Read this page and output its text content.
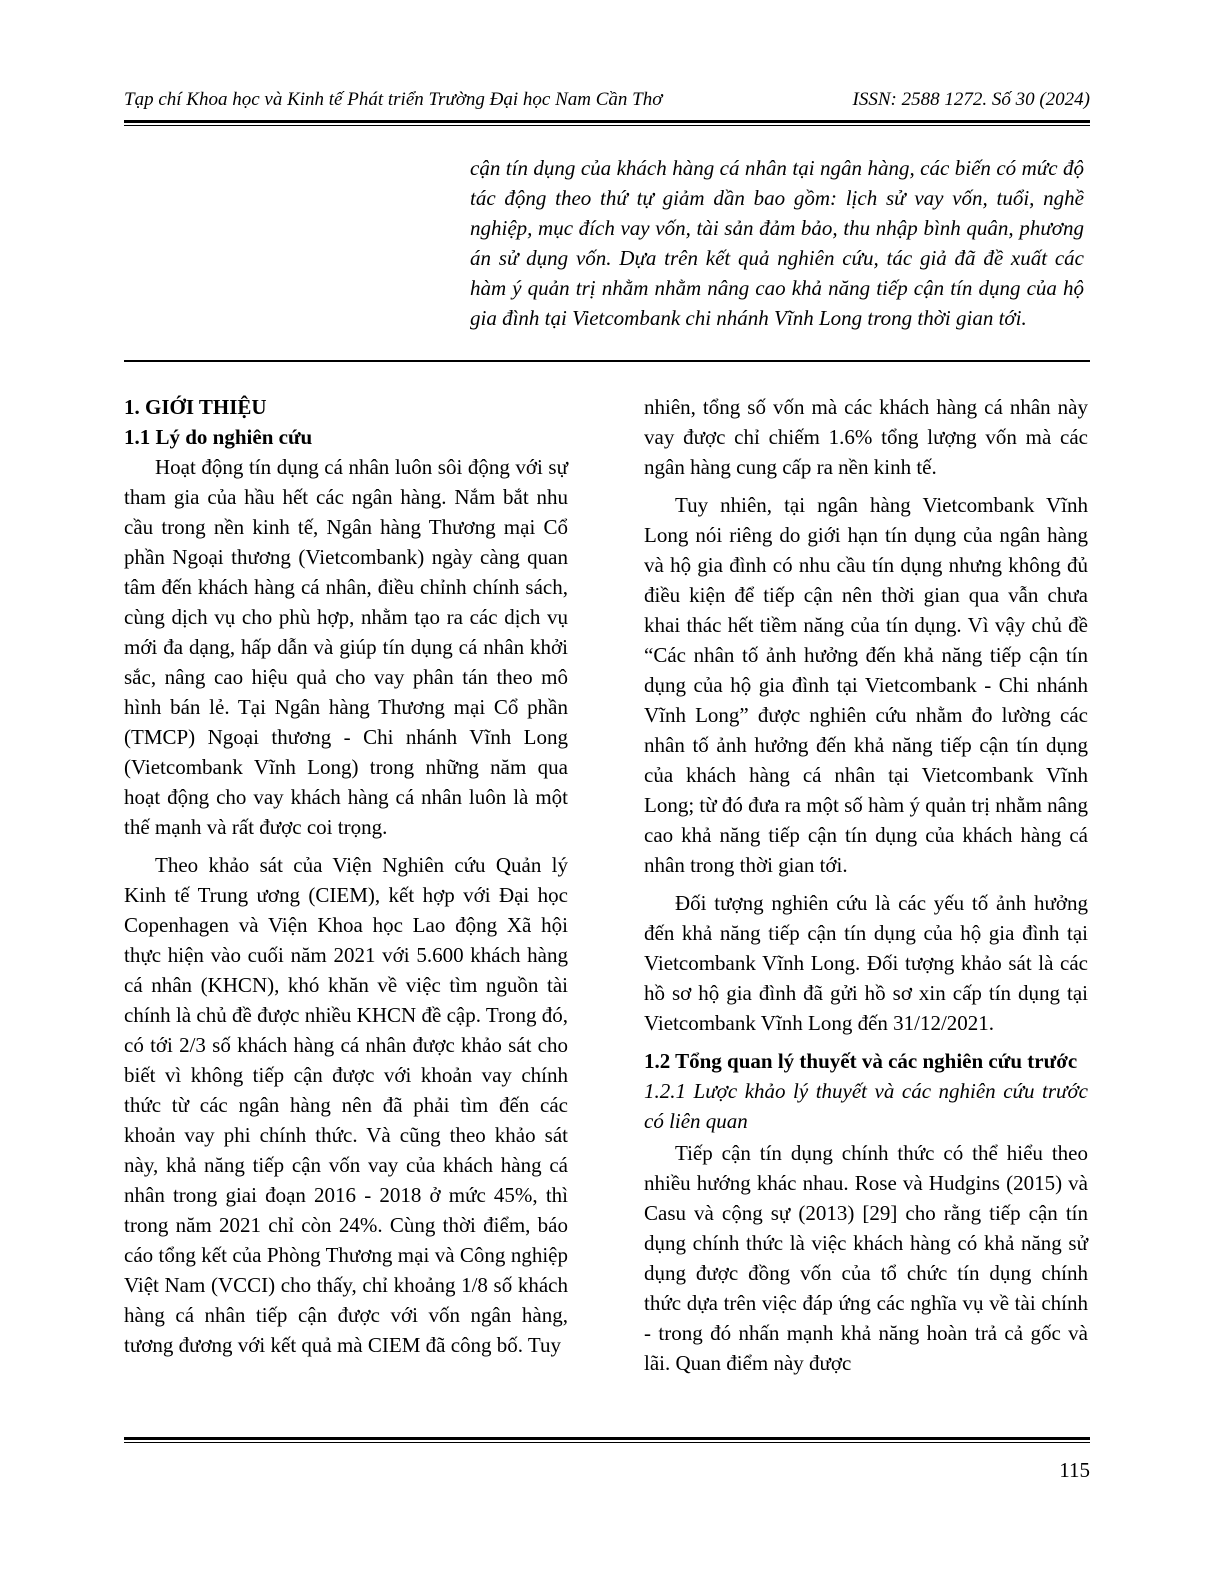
Tạp chí Khoa học và Kinh tế Phát triển Trường Đại học Nam Cần Thơ	ISSN: 2588 1272. Số 30 (2024)

cận tín dụng của khách hàng cá nhân tại ngân hàng, các biến có mức độ tác động theo thứ tự giảm dần bao gồm: lịch sử vay vốn, tuổi, nghề nghiệp, mục đích vay vốn, tài sản đảm bảo, thu nhập bình quân, phương án sử dụng vốn. Dựa trên kết quả nghiên cứu, tác giả đã đề xuất các hàm ý quản trị nhằm nhằm nâng cao khả năng tiếp cận tín dụng của hộ gia đình tại Vietcombank chi nhánh Vĩnh Long trong thời gian tới.

1. GIỚI THIỆU
1.1 Lý do nghiên cứu

Hoạt động tín dụng cá nhân luôn sôi động với sự tham gia của hầu hết các ngân hàng. Nắm bắt nhu cầu trong nền kinh tế, Ngân hàng Thương mại Cổ phần Ngoại thương (Vietcombank) ngày càng quan tâm đến khách hàng cá nhân, điều chỉnh chính sách, cùng dịch vụ cho phù hợp, nhằm tạo ra các dịch vụ mới đa dạng, hấp dẫn và giúp tín dụng cá nhân khởi sắc, nâng cao hiệu quả cho vay phân tán theo mô hình bán lẻ. Tại Ngân hàng Thương mại Cổ phần (TMCP) Ngoại thương - Chi nhánh Vĩnh Long (Vietcombank Vĩnh Long) trong những năm qua hoạt động cho vay khách hàng cá nhân luôn là một thế mạnh và rất được coi trọng.

Theo khảo sát của Viện Nghiên cứu Quản lý Kinh tế Trung ương (CIEM), kết hợp với Đại học Copenhagen và Viện Khoa học Lao động Xã hội thực hiện vào cuối năm 2021 với 5.600 khách hàng cá nhân (KHCN), khó khăn về việc tìm nguồn tài chính là chủ đề được nhiều KHCN đề cập. Trong đó, có tới 2/3 số khách hàng cá nhân được khảo sát cho biết vì không tiếp cận được với khoản vay chính thức từ các ngân hàng nên đã phải tìm đến các khoản vay phi chính thức. Và cũng theo khảo sát này, khả năng tiếp cận vốn vay của khách hàng cá nhân trong giai đoạn 2016 - 2018 ở mức 45%, thì trong năm 2021 chỉ còn 24%. Cùng thời điểm, báo cáo tổng kết của Phòng Thương mại và Công nghiệp Việt Nam (VCCI) cho thấy, chỉ khoảng 1/8 số khách hàng cá nhân tiếp cận được với vốn ngân hàng, tương đương với kết quả mà CIEM đã công bố. Tuy

nhiên, tổng số vốn mà các khách hàng cá nhân này vay được chỉ chiếm 1.6% tổng lượng vốn mà các ngân hàng cung cấp ra nền kinh tế.

Tuy nhiên, tại ngân hàng Vietcombank Vĩnh Long nói riêng do giới hạn tín dụng của ngân hàng và hộ gia đình có nhu cầu tín dụng nhưng không đủ điều kiện để tiếp cận nên thời gian qua vẫn chưa khai thác hết tiềm năng của tín dụng. Vì vậy chủ đề “Các nhân tố ảnh hưởng đến khả năng tiếp cận tín dụng của hộ gia đình tại Vietcombank - Chi nhánh Vĩnh Long” được nghiên cứu nhằm đo lường các nhân tố ảnh hưởng đến khả năng tiếp cận tín dụng của khách hàng cá nhân tại Vietcombank Vĩnh Long; từ đó đưa ra một số hàm ý quản trị nhằm nâng cao khả năng tiếp cận tín dụng của khách hàng cá nhân trong thời gian tới.

Đối tượng nghiên cứu là các yếu tố ảnh hưởng đến khả năng tiếp cận tín dụng của hộ gia đình tại Vietcombank Vĩnh Long. Đối tượng khảo sát là các hồ sơ hộ gia đình đã gửi hồ sơ xin cấp tín dụng tại Vietcombank Vĩnh Long đến 31/12/2021.

1.2 Tổng quan lý thuyết và các nghiên cứu trước
1.2.1 Lược khảo lý thuyết và các nghiên cứu trước có liên quan

Tiếp cận tín dụng chính thức có thể hiểu theo nhiều hướng khác nhau. Rose và Hudgins (2015) và Casu và cộng sự (2013) [29] cho rằng tiếp cận tín dụng chính thức là việc khách hàng có khả năng sử dụng được đồng vốn của tổ chức tín dụng chính thức dựa trên việc đáp ứng các nghĩa vụ về tài chính - trong đó nhấn mạnh khả năng hoàn trả cả gốc và lãi. Quan điểm này được

115
